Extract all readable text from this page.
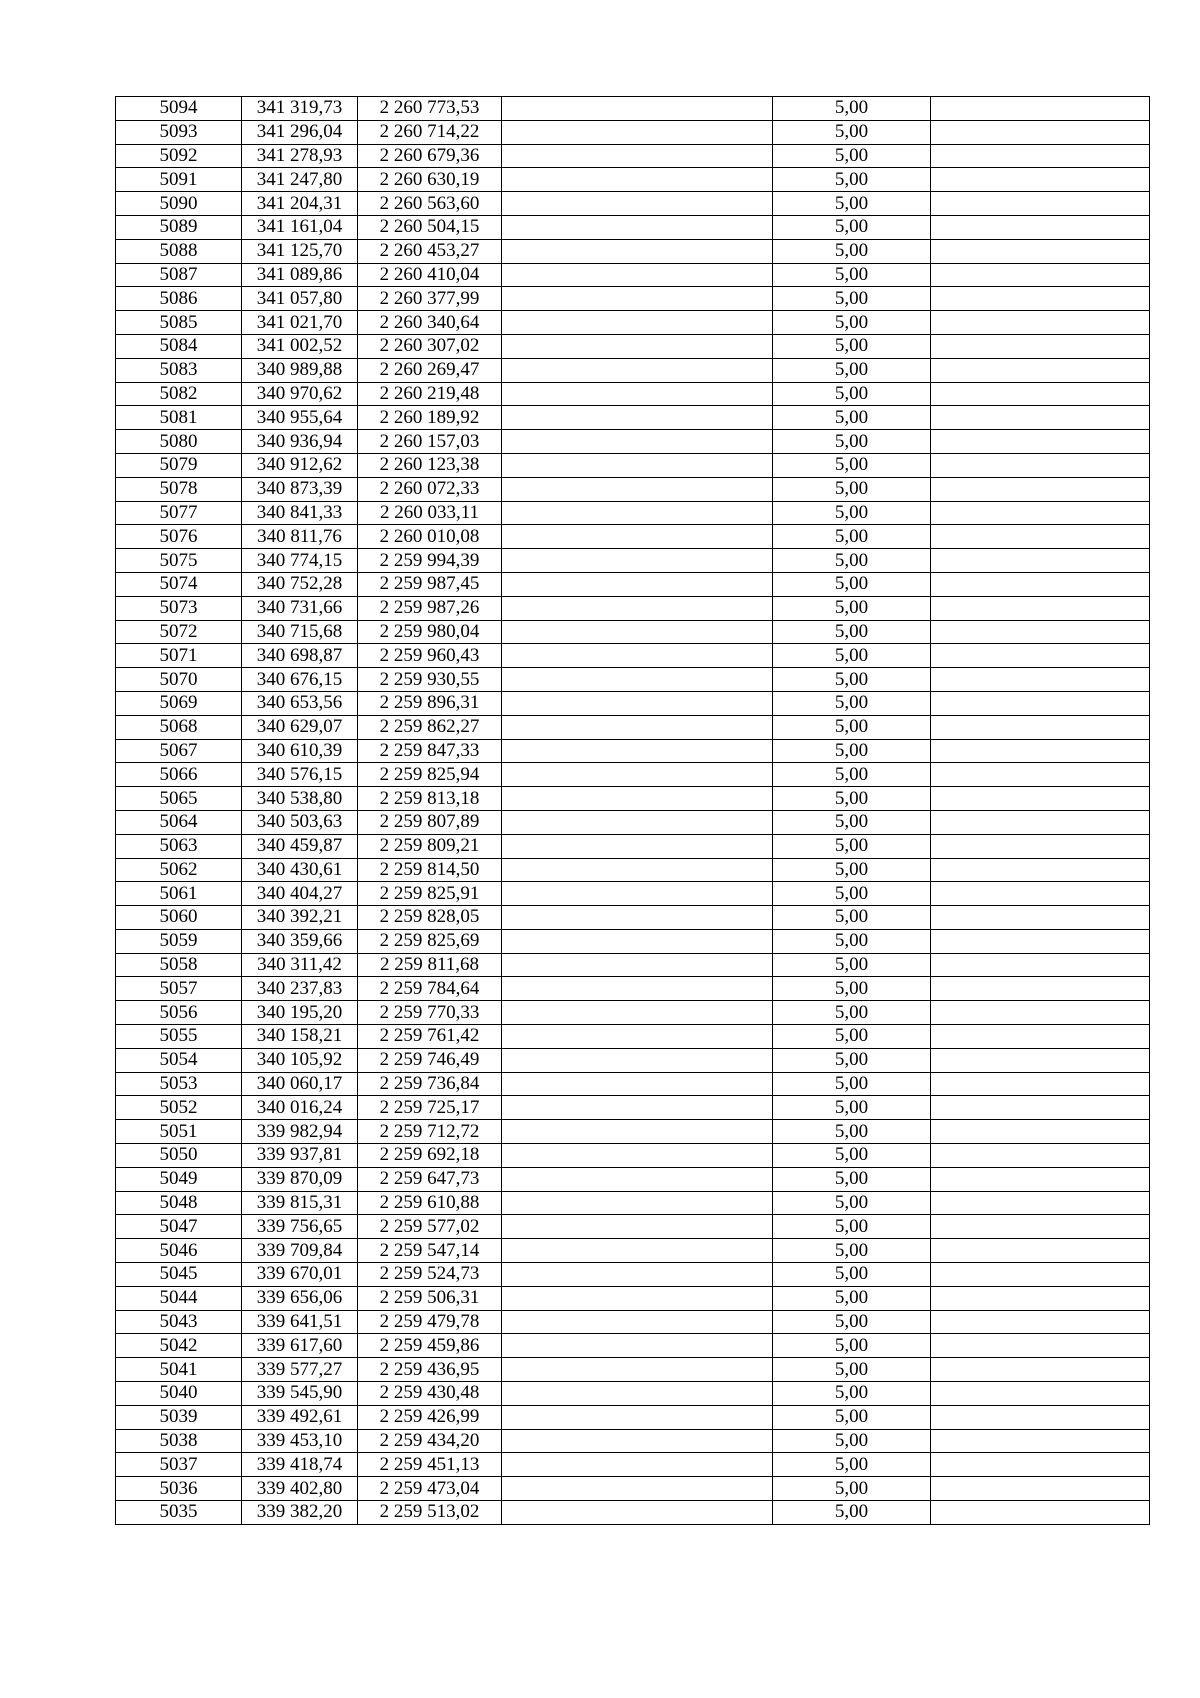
5094	341 319,73	2 260 773,53		5,00	
5093	341 296,04	2 260 714,22		5,00	
5092	341 278,93	2 260 679,36		5,00	
5091	341 247,80	2 260 630,19		5,00	
5090	341 204,31	2 260 563,60		5,00	
5089	341 161,04	2 260 504,15		5,00	
5088	341 125,70	2 260 453,27		5,00	
5087	341 089,86	2 260 410,04		5,00	
5086	341 057,80	2 260 377,99		5,00	
5085	341 021,70	2 260 340,64		5,00	
5084	341 002,52	2 260 307,02		5,00	
5083	340 989,88	2 260 269,47		5,00	
5082	340 970,62	2 260 219,48		5,00	
5081	340 955,64	2 260 189,92		5,00	
5080	340 936,94	2 260 157,03		5,00	
5079	340 912,62	2 260 123,38		5,00	
5078	340 873,39	2 260 072,33		5,00	
5077	340 841,33	2 260 033,11		5,00	
5076	340 811,76	2 260 010,08		5,00	
5075	340 774,15	2 259 994,39		5,00	
5074	340 752,28	2 259 987,45		5,00	
5073	340 731,66	2 259 987,26		5,00	
5072	340 715,68	2 259 980,04		5,00	
5071	340 698,87	2 259 960,43		5,00	
5070	340 676,15	2 259 930,55		5,00	
5069	340 653,56	2 259 896,31		5,00	
5068	340 629,07	2 259 862,27		5,00	
5067	340 610,39	2 259 847,33		5,00	
5066	340 576,15	2 259 825,94		5,00	
5065	340 538,80	2 259 813,18		5,00	
5064	340 503,63	2 259 807,89		5,00	
5063	340 459,87	2 259 809,21		5,00	
5062	340 430,61	2 259 814,50		5,00	
5061	340 404,27	2 259 825,91		5,00	
5060	340 392,21	2 259 828,05		5,00	
5059	340 359,66	2 259 825,69		5,00	
5058	340 311,42	2 259 811,68		5,00	
5057	340 237,83	2 259 784,64		5,00	
5056	340 195,20	2 259 770,33		5,00	
5055	340 158,21	2 259 761,42		5,00	
5054	340 105,92	2 259 746,49		5,00	
5053	340 060,17	2 259 736,84		5,00	
5052	340 016,24	2 259 725,17		5,00	
5051	339 982,94	2 259 712,72		5,00	
5050	339 937,81	2 259 692,18		5,00	
5049	339 870,09	2 259 647,73		5,00	
5048	339 815,31	2 259 610,88		5,00	
5047	339 756,65	2 259 577,02		5,00	
5046	339 709,84	2 259 547,14		5,00	
5045	339 670,01	2 259 524,73		5,00	
5044	339 656,06	2 259 506,31		5,00	
5043	339 641,51	2 259 479,78		5,00	
5042	339 617,60	2 259 459,86		5,00	
5041	339 577,27	2 259 436,95		5,00	
5040	339 545,90	2 259 430,48		5,00	
5039	339 492,61	2 259 426,99		5,00	
5038	339 453,10	2 259 434,20		5,00	
5037	339 418,74	2 259 451,13		5,00	
5036	339 402,80	2 259 473,04		5,00	
5035	339 382,20	2 259 513,02		5,00	
